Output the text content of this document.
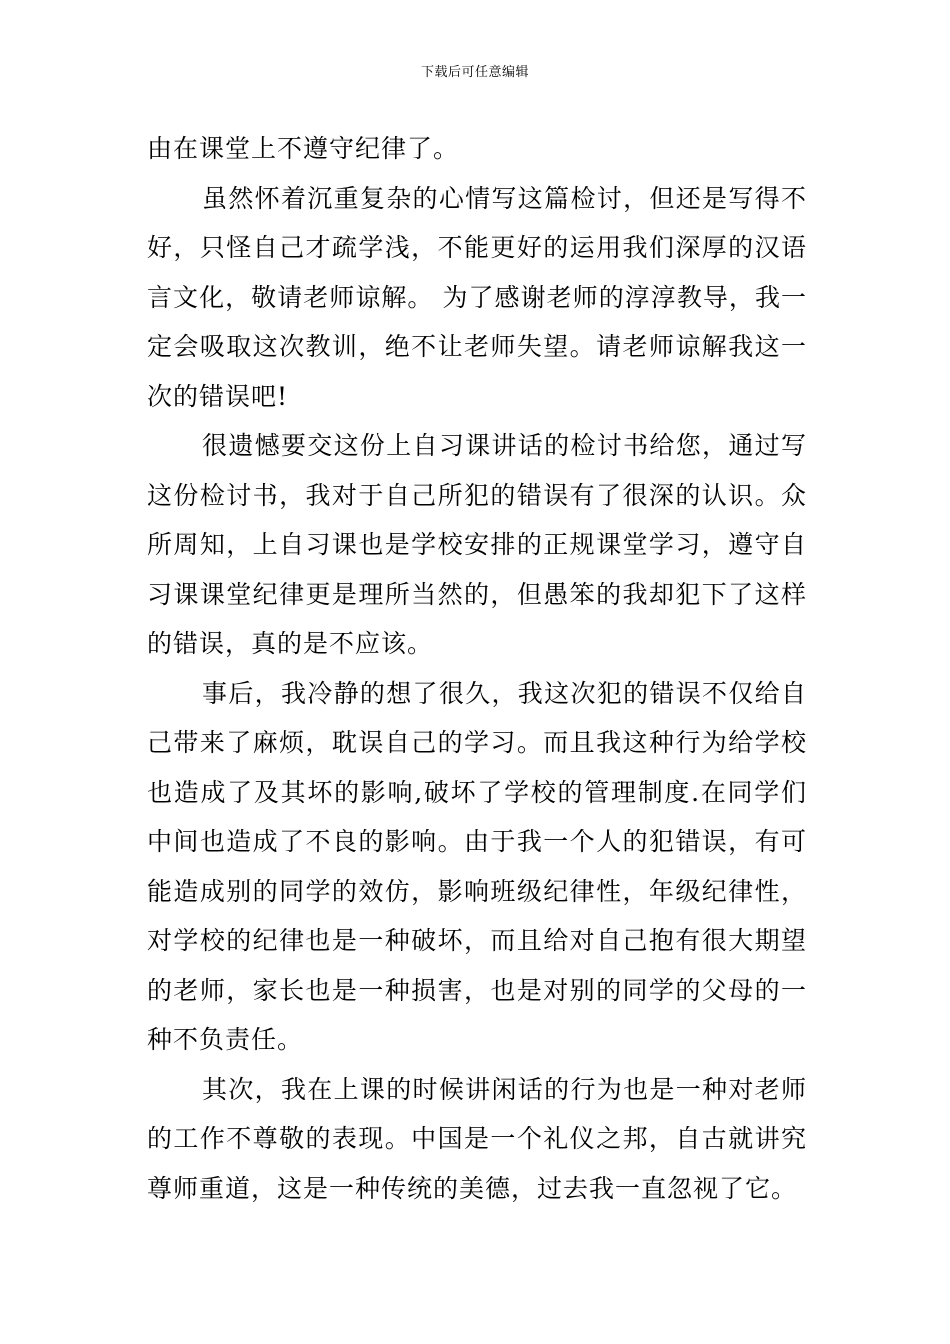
下载后可任意编辑

由在课堂上不遵守纪律了。

虽然怀着沉重复杂的心情写这篇检讨，但还是写得不好，只怪自己才疏学浅，不能更好的运用我们深厚的汉语言文化，敬请老师谅解。 为了感谢老师的淳淳教导，我一定会吸取这次教训，绝不让老师失望。请老师谅解我这一次的错误吧!

很遗憾要交这份上自习课讲话的检讨书给您，通过写这份检讨书，我对于自己所犯的错误有了很深的认识。众所周知，上自习课也是学校安排的正规课堂学习，遵守自习课课堂纪律更是理所当然的，但愚笨的我却犯下了这样的错误，真的是不应该。

事后，我冷静的想了很久，我这次犯的错误不仅给自己带来了麻烦，耽误自己的学习。而且我这种行为给学校也造成了及其坏的影响,破坏了学校的管理制度.在同学们中间也造成了不良的影响。由于我一个人的犯错误，有可能造成别的同学的效仿，影响班级纪律性，年级纪律性，对学校的纪律也是一种破坏，而且给对自己抱有很大期望的老师，家长也是一种损害，也是对别的同学的父母的一种不负责任。

其次，我在上课的时候讲闲话的行为也是一种对老师的工作不尊敬的表现。中国是一个礼仪之邦，自古就讲究尊师重道，这是一种传统的美德，过去我一直忽视了它。
